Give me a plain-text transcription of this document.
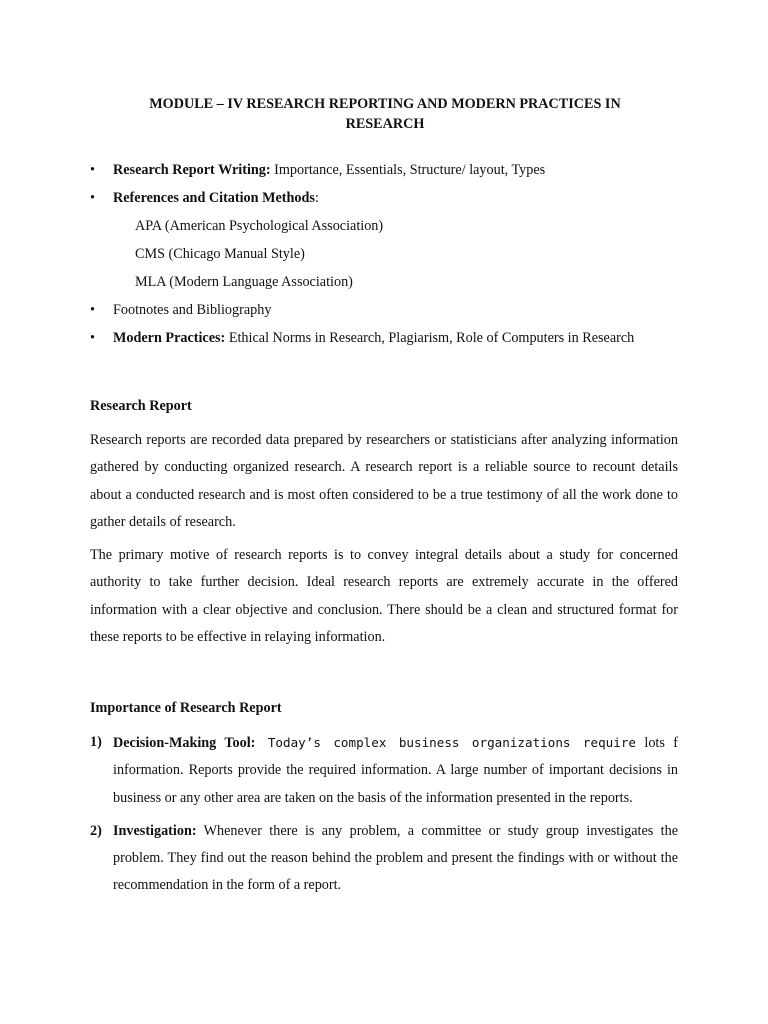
MODULE – IV RESEARCH REPORTING AND MODERN PRACTICES IN
RESEARCH
• Research Report Writing: Importance, Essentials, Structure/ layout, Types
• References and Citation Methods:
APA (American Psychological Association)
CMS (Chicago Manual Style)
MLA (Modern Language Association)
• Footnotes and Bibliography
• Modern Practices: Ethical Norms in Research, Plagiarism, Role of Computers in Research
Research Report

Research reports are recorded data prepared by researchers or statisticians after analyzing information gathered by conducting organized research. A research report is a reliable source to recount details about a conducted research and is most often considered to be a true testimony of all the work done to gather details of research.

The primary motive of research reports is to convey integral details about a study for concerned authority to take further decision. Ideal research reports are extremely accurate in the offered information with a clear objective and conclusion. There should be a clean and structured format for these reports to be effective in relaying information.

Importance of Research Report
1) Decision-Making Tool: Today’s complex business organizations require lots f information. Reports provide the required information. A large number of important decisions in business or any other area are taken on the basis of the information presented in the reports.
2) Investigation: Whenever there is any problem, a committee or study group investigates the problem. They find out the reason behind the problem and present the findings with or without the recommendation in the form of a report.
